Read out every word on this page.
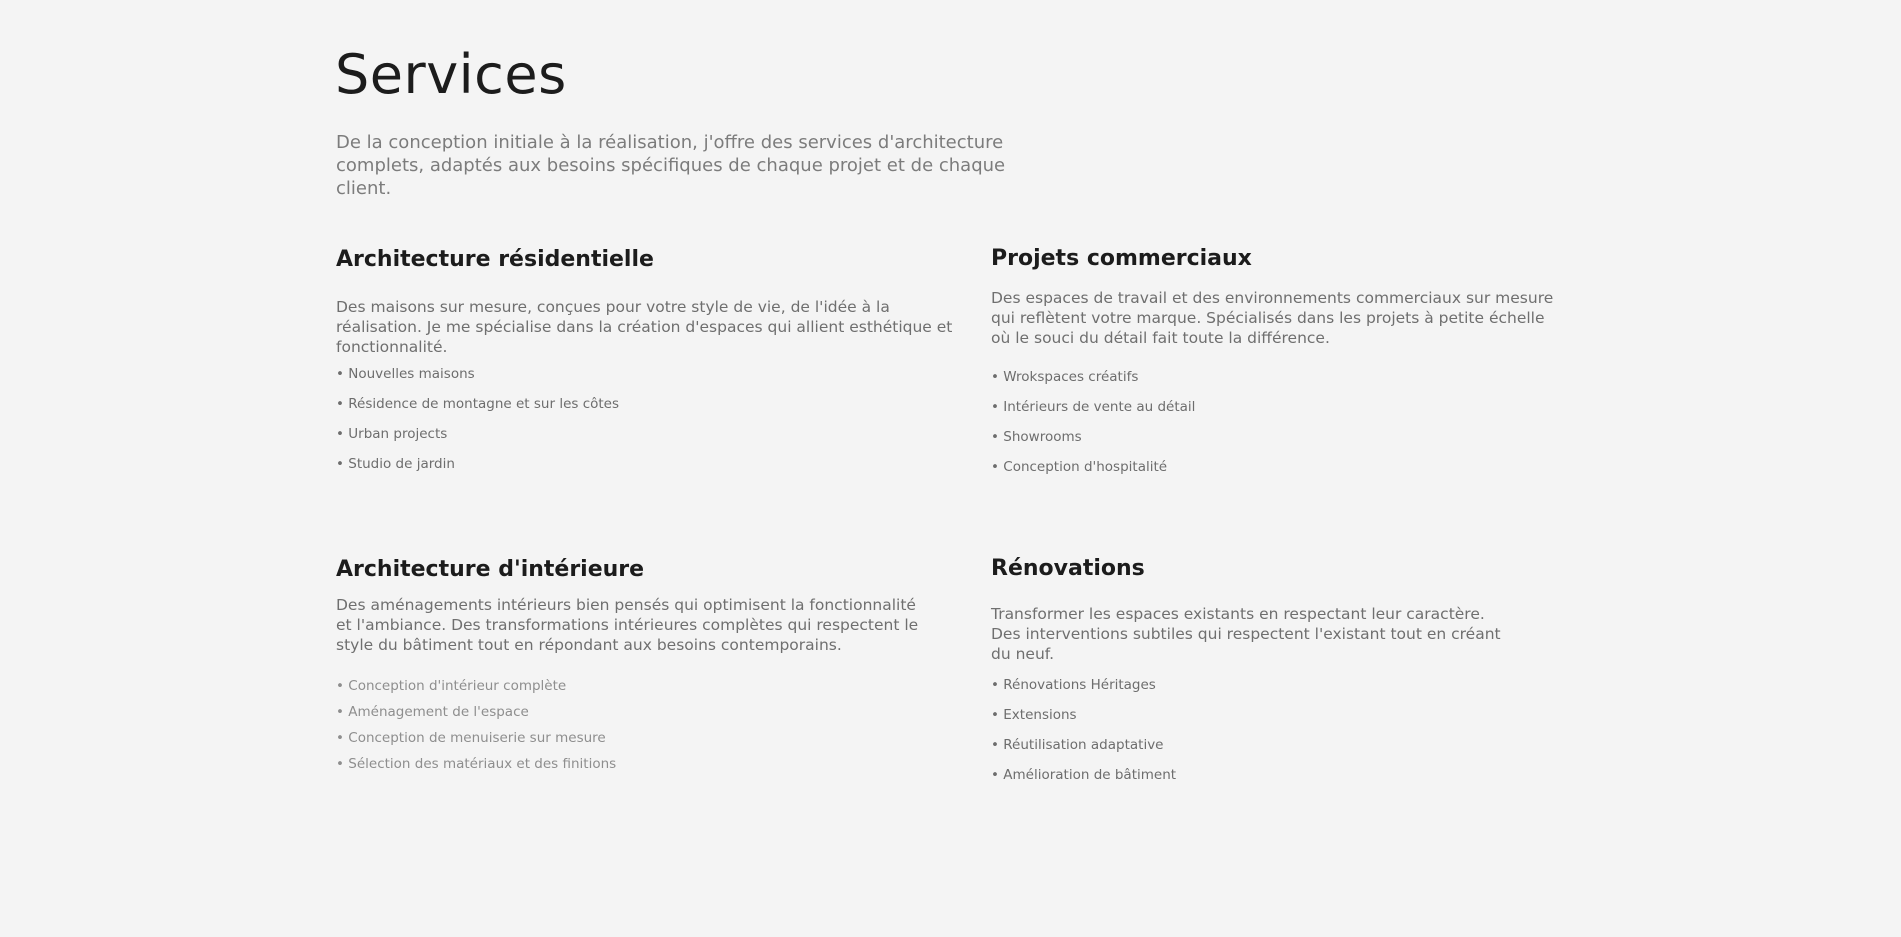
Services

De la conception initiale à la réalisation, j'offre des services d'architecture complets, adaptés aux besoins spécifiques de chaque projet et de chaque client.

Architecture résidentielle

Des maisons sur mesure, conçues pour votre style de vie, de l'idée à la réalisation. Je me spécialise dans la création d'espaces qui allient esthétique et fonctionnalité.

• Nouvelles maisons
• Résidence de montagne et sur les côtes
• Urban projects
• Studio de jardin
Projets commerciaux

Des espaces de travail et des environnements commerciaux sur mesure qui reflètent votre marque. Spécialisés dans les projets à petite échelle où le souci du détail fait toute la différence.

• Wrokspaces créatifs
• Intérieurs de vente au détail
• Showrooms
• Conception d'hospitalité
Architecture d'intérieure

Des aménagements intérieurs bien pensés qui optimisent la fonctionnalité et l'ambiance. Des transformations intérieures complètes qui respectent le style du bâtiment tout en répondant aux besoins contemporains.

• Conception d'intérieur complète
• Aménagement de l'espace
• Conception de menuiserie sur mesure
• Sélection des matériaux et des finitions
Rénovations

Transformer les espaces existants en respectant leur caractère. Des interventions subtiles qui respectent l'existant tout en créant du neuf.

• Rénovations Héritages
• Extensions
• Réutilisation adaptative
• Amélioration de bâtiment
